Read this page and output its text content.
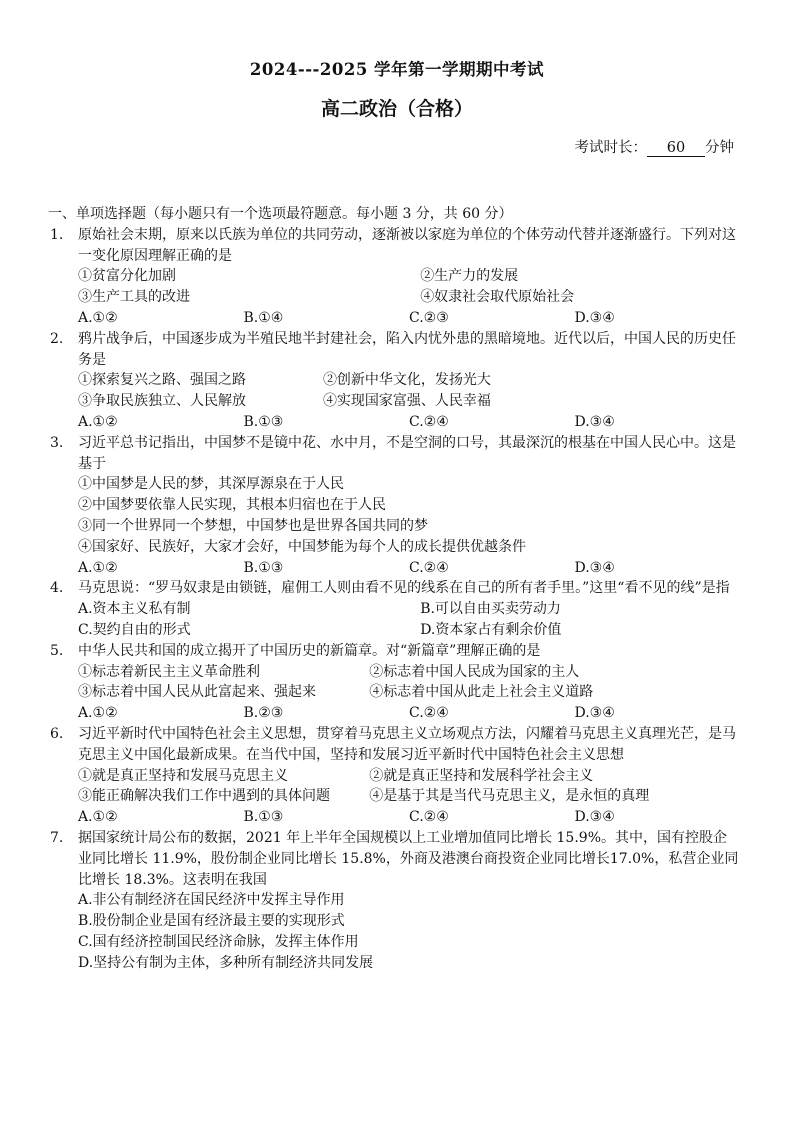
2024---2025 学年第一学期期中考试
高二政治（合格）
考试时长： 60 分钟
一、单项选择题（每小题只有一个选项最符题意。每小题 3 分，共 60 分）
1. 原始社会末期，原来以氏族为单位的共同劳动，逐渐被以家庭为单位的个体劳动代替并逐渐盛行。下列对这一变化原因理解正确的是
①贫富分化加剧	②生产力的发展
③生产工具的改进	④奴隶社会取代原始社会
A.①②	B.①④	C.②③	D.③④
2. 鸦片战争后，中国逐步成为半殖民地半封建社会，陷入内忧外患的黑暗境地。近代以后，中国人民的历史任务是
①探索复兴之路、强国之路	②创新中华文化，发扬光大
③争取民族独立、人民解放	④实现国家富强、人民幸福
A.①②	B.①③	C.②④	D.③④
3. 习近平总书记指出，中国梦不是镜中花、水中月，不是空洞的口号，其最深沉的根基在中国人民心中。这是基于
①中国梦是人民的梦，其深厚源泉在于人民
②中国梦要依靠人民实现，其根本归宿也在于人民
③同一个世界同一个梦想，中国梦也是世界各国共同的梦
④国家好、民族好，大家才会好，中国梦能为每个人的成长提供优越条件
A.①②	B.①③	C.②④	D.③④
4. 马克思说：“罗马奴隶是由锁链，雇佣工人则由看不见的线系在自己的所有者手里。”这里“看不见的线”是指
A.资本主义私有制	B.可以自由买卖劳动力
C.契约自由的形式	D.资本家占有剩余价值
5. 中华人民共和国的成立揭开了中国历史的新篇章。对“新篇章”理解正确的是
①标志着新民主主义革命胜利	②标志着中国人民成为国家的主人
③标志着中国人民从此富起来、强起来	④标志着中国从此走上社会主义道路
A.①②	B.②③	C.②④	D.③④
6. 习近平新时代中国特色社会主义思想，贯穿着马克思主义立场观点方法，闪耀着马克思主义真理光芒，是马克思主义中国化最新成果。在当代中国，坚持和发展习近平新时代中国特色社会主义思想
①就是真正坚持和发展马克思主义	②就是真正坚持和发展科学社会主义
③能正确解决我们工作中遇到的具体问题	④是基于其是当代马克思主义，是永恒的真理
A.①②	B.①③	C.②④	D.③④
7. 据国家统计局公布的数据，2021 年上半年全国规模以上工业增加值同比增长 15.9%。其中，国有控股企业同比增长 11.9%，股份制企业同比增长 15.8%，外商及港澳台商投资企业同比增长17.0%，私营企业同比增长 18.3%。这表明在我国
A.非公有制经济在国民经济中发挥主导作用
B.股份制企业是国有经济最主要的实现形式
C.国有经济控制国民经济命脉，发挥主体作用
D.坚持公有制为主体，多种所有制经济共同发展
